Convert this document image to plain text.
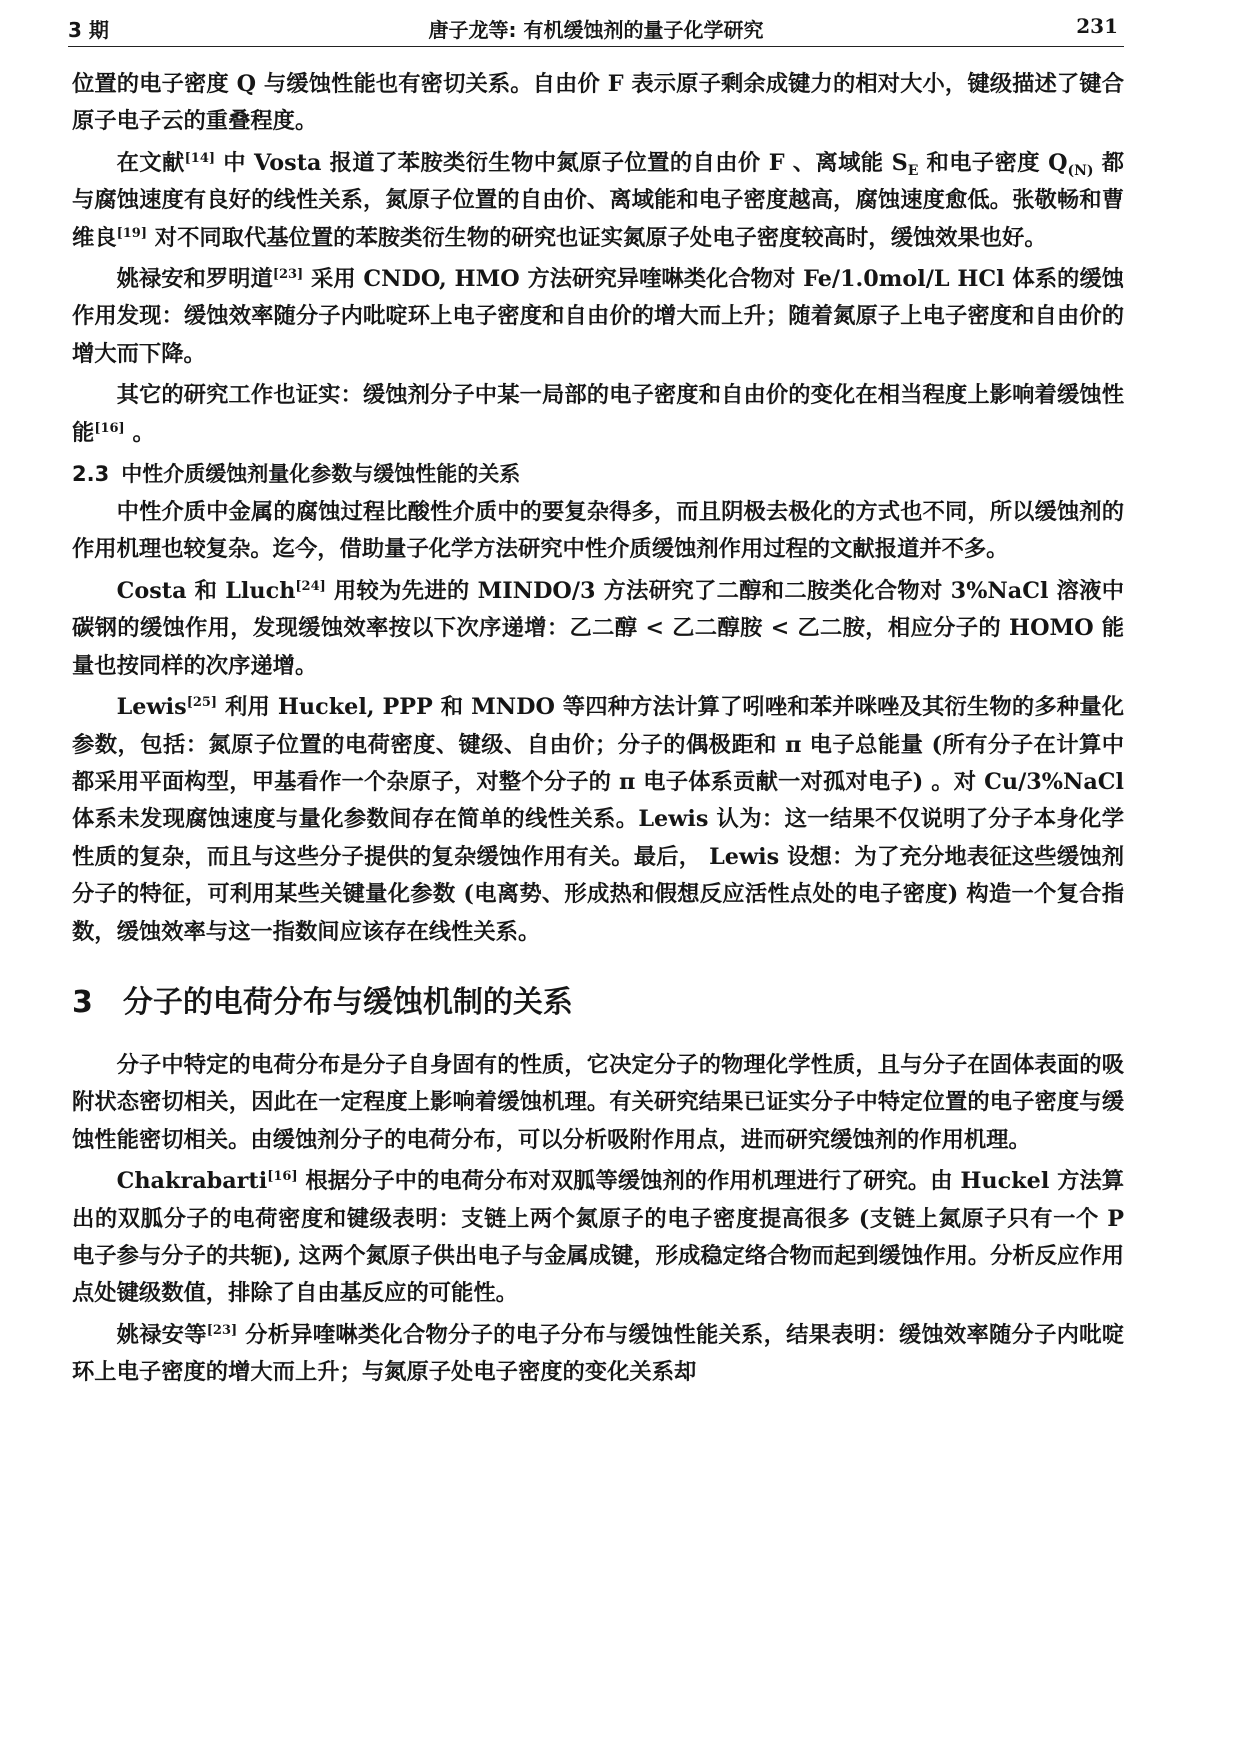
3 期	唐子龙等: 有机缓蚀剂的量子化学研究	231

位置的电子密度 Q 与缓蚀性能也有密切关系。自由价 F 表示原子剩余成键力的相对大小，键级描述了键合原子电子云的重叠程度。

在文献[14] 中 Vosta 报道了苯胺类衍生物中氮原子位置的自由价 F 、离域能 $S_E$ 和电子密度 $Q_{(N)}$ 都与腐蚀速度有良好的线性关系，氮原子位置的自由价、离域能和电子密度越高，腐蚀速度愈低。张敬畅和曹维良[19] 对不同取代基位置的苯胺类衍生物的研究也证实氮原子处电子密度较高时，缓蚀效果也好。

姚禄安和罗明道[23] 采用 CNDO, HMO 方法研究异喹啉类化合物对 Fe/1.0mol/L HCl 体系的缓蚀作用发现：缓蚀效率随分子内吡啶环上电子密度和自由价的增大而上升；随着氮原子上电子密度和自由价的增大而下降。

其它的研究工作也证实：缓蚀剂分子中某一局部的电子密度和自由价的变化在相当程度上影响着缓蚀性能[16] 。

2.3 中性介质缓蚀剂量化参数与缓蚀性能的关系

中性介质中金属的腐蚀过程比酸性介质中的要复杂得多，而且阴极去极化的方式也不同，所以缓蚀剂的作用机理也较复杂。迄今，借助量子化学方法研究中性介质缓蚀剂作用过程的文献报道并不多。

Costa 和 Lluch[24] 用较为先进的 MINDO/3 方法研究了二醇和二胺类化合物对 3%NaCl 溶液中碳钢的缓蚀作用，发现缓蚀效率按以下次序递增：乙二醇 < 乙二醇胺 < 乙二胺，相应分子的 HOMO 能量也按同样的次序递增。

Lewis[25] 利用 Huckel, PPP 和 MNDO 等四种方法计算了吲唑和苯并咪唑及其衍生物的多种量化参数，包括：氮原子位置的电荷密度、键级、自由价；分子的偶极距和 π 电子总能量 (所有分子在计算中都采用平面构型，甲基看作一个杂原子，对整个分子的 π 电子体系贡献一对孤对电子) 。对 Cu/3%NaCl 体系未发现腐蚀速度与量化参数间存在简单的线性关系。Lewis 认为：这一结果不仅说明了分子本身化学性质的复杂，而且与这些分子提供的复杂缓蚀作用有关。最后， Lewis 设想：为了充分地表征这些缓蚀剂分子的特征，可利用某些关键量化参数 (电离势、形成热和假想反应活性点处的电子密度) 构造一个复合指数，缓蚀效率与这一指数间应该存在线性关系。

3 分子的电荷分布与缓蚀机制的关系

分子中特定的电荷分布是分子自身固有的性质，它决定分子的物理化学性质，且与分子在固体表面的吸附状态密切相关，因此在一定程度上影响着缓蚀机理。有关研究结果已证实分子中特定位置的电子密度与缓蚀性能密切相关。由缓蚀剂分子的电荷分布，可以分析吸附作用点，进而研究缓蚀剂的作用机理。

Chakrabarti[16] 根据分子中的电荷分布对双胍等缓蚀剂的作用机理进行了研究。由 Huckel 方法算出的双胍分子的电荷密度和键级表明：支链上两个氮原子的电子密度提高很多 (支链上氮原子只有一个 P 电子参与分子的共轭), 这两个氮原子供出电子与金属成键，形成稳定络合物而起到缓蚀作用。分析反应作用点处键级数值，排除了自由基反应的可能性。

姚禄安等[23] 分析异喹啉类化合物分子的电子分布与缓蚀性能关系，结果表明：缓蚀效率随分子内吡啶环上电子密度的增大而上升；与氮原子处电子密度的变化关系却
